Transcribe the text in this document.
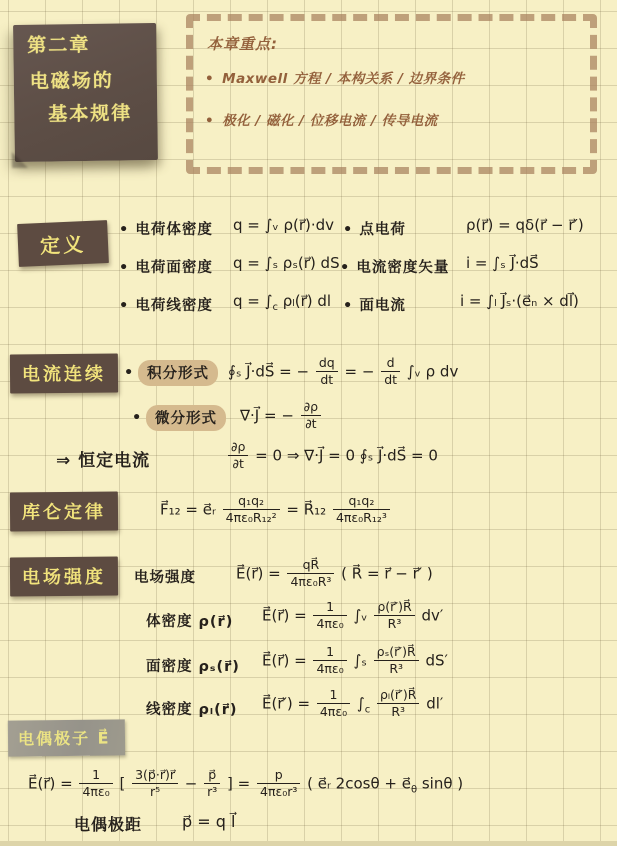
第二章
电磁场的
基本规律
本章重点:
• Maxwell 方程 / 本构关系 / 边界条件
• 极化 / 磁化 / 位移电流 / 传导电流
定义
• 电荷体密度 q = ∫ᵥ ρ(r⃗)·dv • 点电荷	ρ(r⃗) = qδ(r⃗ − r⃗′)
• 电荷面密度 q = ∫ₛ ρₛ(r⃗) dS • 电流密度矢量 i = ∫ₛ J⃗·dS⃗
• 电荷线密度 $q = \int_c$ ρₗ(r⃗) dl • 面电流	i = ∫ₗ J⃗ₛ·(e⃗ₙ × dl⃗)
电流连续	• 积分形式	∮ₛ J⃗·dS⃗ = − $\frac{dq}{dt}$ = − $\frac{d}{dt}$ ∫ᵥ ρ dv
• 微分形式	∇·J⃗ = − $\frac{\partial\rho}{\partial t}$
⇒ 恒定电流	$\frac{\partial\rho}{\partial t} = 0$ ⇒ ∇·J⃗ = 0 ∮ₛ J⃗·dS⃗ = 0
库仑定律	F⃗₁₂ = e⃗ᵣ $\frac{\text{q₁q₂}}{\text{4πε₀R₁₂²}}$ = R⃗₁₂ $\frac{\text{q₁q₂}}{\text{4πε₀R₁₂³}}$
电场强度	电场强度	E⃗(r⃗) = $\frac{qR⃗}{\text{4πε₀R³}}$ ( R⃗ = r⃗ − r⃗′ )
体密度 ρ(r⃗) E⃗(r⃗) = $\frac{1}{\text{4πε₀}}$ ∫ᵥ $\frac{\rho(r⃗')R⃗}{\text{R³}} dv'$
面密度 ρₛ(r⃗) E⃗(r⃗) = $\frac{1}{\text{4πε₀}} \int_s \frac{\text{ρₛ(r⃗′)R⃗}}{\text{R³}} dS'$
线密度 ρₗ(r⃗) E⃗(r⃗′) = $\frac{1}{\text{4πε₀}} \int_c \frac{\text{ρₗ(r⃗′)R⃗}}{\text{R³}} dl'$
电偶极子 E⃗
E⃗(r⃗) = $\frac{1}{\text{4πε₀}}$ [ $\frac{3(p⃗\cdot r⃗)r⃗}{\text{r⁵}} - \frac{p⃗}{\text{r³}}$ ] = $\frac{p}{\text{4πε₀r³}}$ ( e⃗ᵣ $2\cos\theta + e⃗_\theta$ sinθ )
电偶极距 p⃗ = q l⃗
